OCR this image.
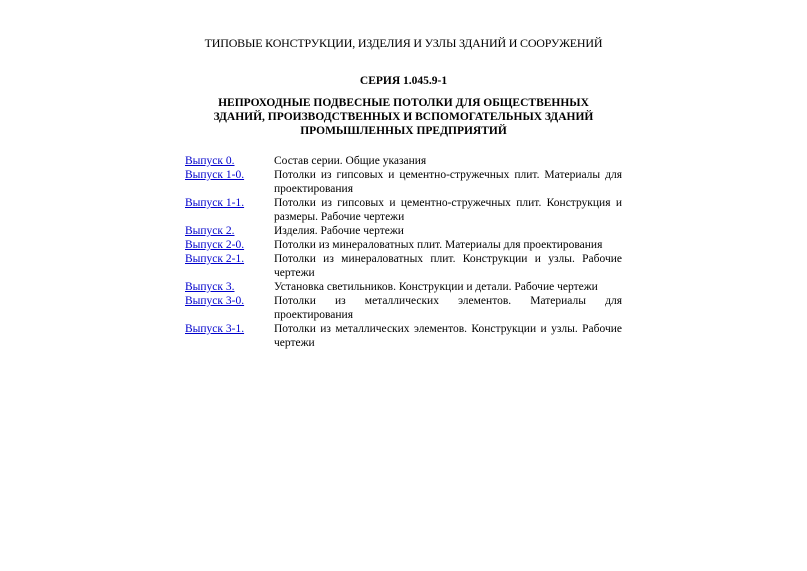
ТИПОВЫЕ КОНСТРУКЦИИ, ИЗДЕЛИЯ И УЗЛЫ ЗДАНИЙ И СООРУЖЕНИЙ
СЕРИЯ 1.045.9-1
НЕПРОХОДНЫЕ ПОДВЕСНЫЕ ПОТОЛКИ ДЛЯ ОБЩЕСТВЕННЫХ
ЗДАНИЙ, ПРОИЗВОДСТВЕННЫХ И ВСПОМОГАТЕЛЬНЫХ ЗДАНИЙ
ПРОМЫШЛЕННЫХ ПРЕДПРИЯТИЙ
Выпуск 0.	Состав серии. Общие указания
Выпуск 1-0.	Потолки из гипсовых и цементно-стружечных плит. Материалы для проектирования
Выпуск 1-1.	Потолки из гипсовых и цементно-стружечных плит. Конструкция и размеры. Рабочие чертежи
Выпуск 2.	Изделия. Рабочие чертежи
Выпуск 2-0.	Потолки из минераловатных плит. Материалы для проектирования
Выпуск 2-1.	Потолки из минераловатных плит. Конструкции и узлы. Рабочие чертежи
Выпуск 3.	Установка светильников. Конструкции и детали. Рабочие чертежи
Выпуск 3-0.	Потолки из металлических элементов. Материалы для проектирования
Выпуск 3-1.	Потолки из металлических элементов. Конструкции и узлы. Рабочие чертежи
